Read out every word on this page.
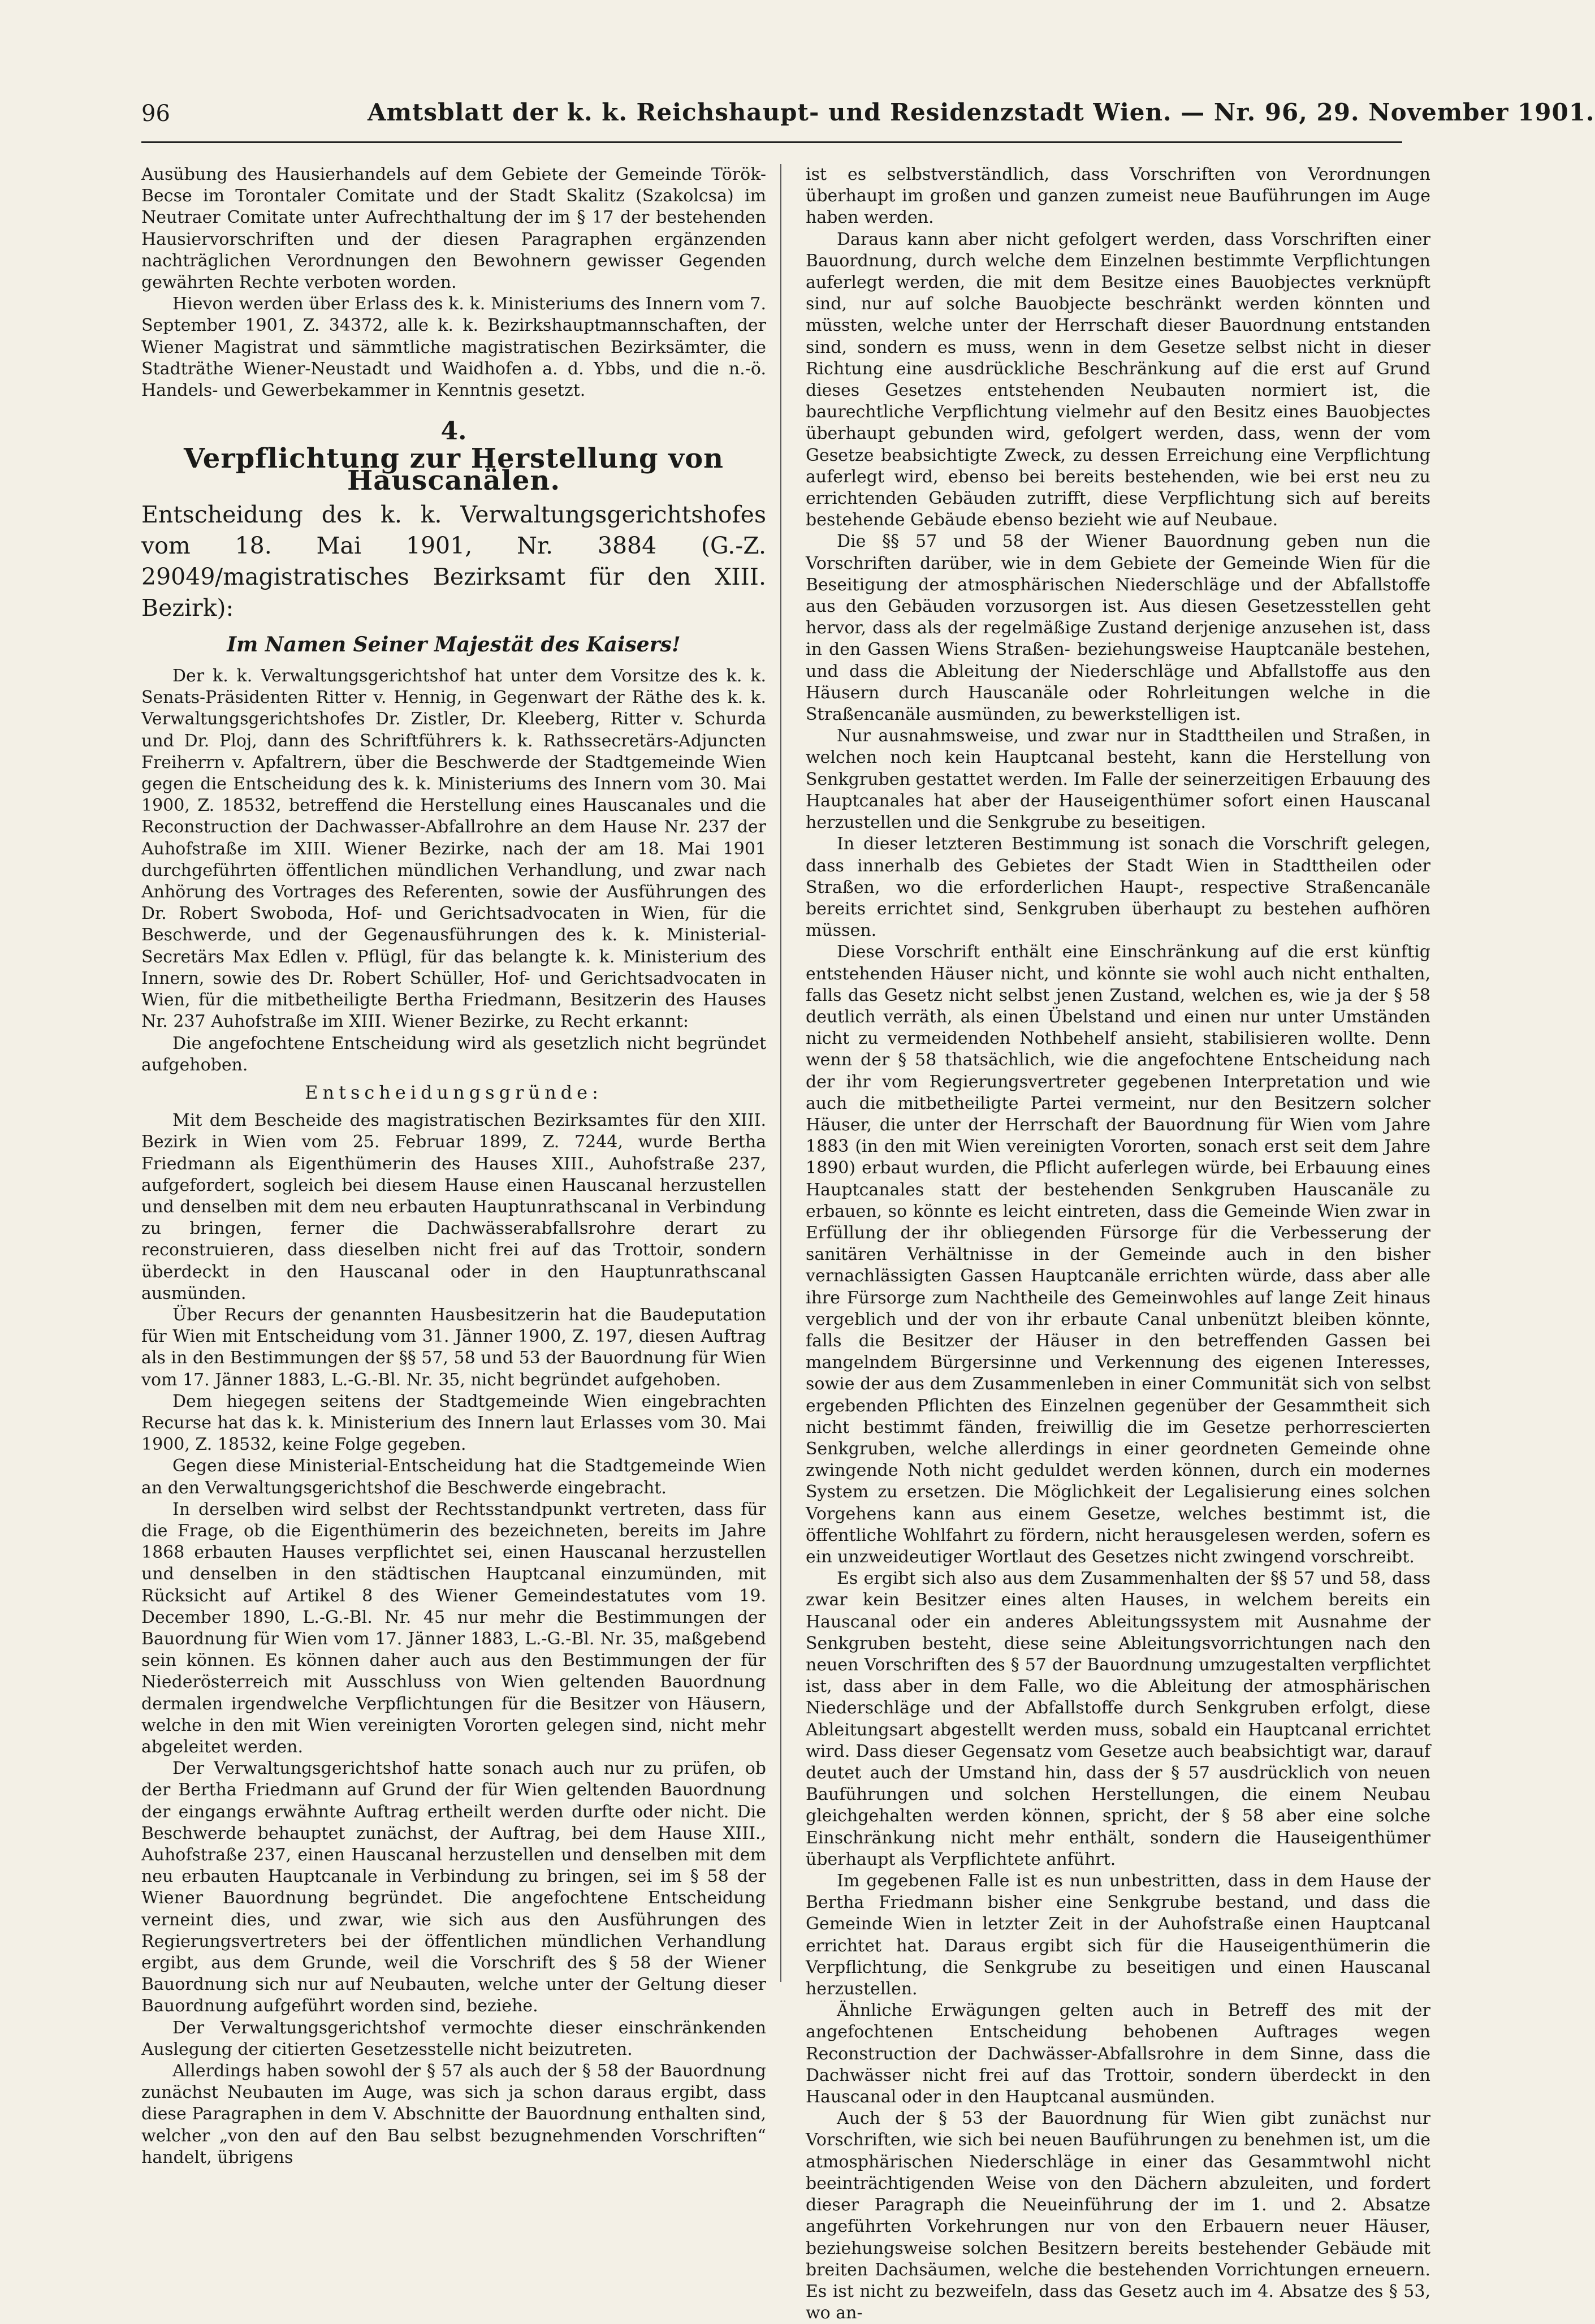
96	Amtsblatt der k. k. Reichshaupt- und Residenzstadt Wien. — Nr. 96, 29. November 1901.

Ausübung des Hausierhandels auf dem Gebiete der Gemeinde Török-Becse im Torontaler Comitate und der Stadt Skalitz (Szakolcsa) im Neutraer Comitate unter Aufrechthaltung der im § 17 der bestehenden Hausiervorschriften und der diesen Paragraphen ergänzenden nachträglichen Verordnungen den Bewohnern gewisser Gegenden gewährten Rechte verboten worden.

Hievon werden über Erlass des k. k. Ministeriums des Innern vom 7. September 1901, Z. 34372, alle k. k. Bezirkshauptmannschaften, der Wiener Magistrat und sämmtliche magistratischen Bezirksämter, die Stadträthe Wiener-Neustadt und Waidhofen a. d. Ybbs, und die n.-ö. Handels- und Gewerbekammer in Kenntnis gesetzt.

4.
Verpflichtung zur Herstellung von Hauscanälen.
Entscheidung des k. k. Verwaltungsgerichtshofes vom 18. Mai 1901, Nr. 3884 (G.-Z. 29049/magistratisches Bezirksamt für den XIII. Bezirk):
Im Namen Seiner Majestät des Kaisers!

Der k. k. Verwaltungsgerichtshof hat unter dem Vorsitze des k. k. Senats-Präsidenten Ritter v. Hennig, in Gegenwart der Räthe des k. k. Verwaltungsgerichtshofes Dr. Zistler, Dr. Kleeberg, Ritter v. Schurda und Dr. Ploj, dann des Schriftführers k. k. Rathssecretärs-Adjuncten Freiherrn v. Apfaltrern, über die Beschwerde der Stadtgemeinde Wien gegen die Entscheidung des k. k. Ministeriums des Innern vom 30. Mai 1900, Z. 18532, betreffend die Herstellung eines Hauscanales und die Reconstruction der Dachwasser-Abfallrohre an dem Hause Nr. 237 der Auhofstraße im XIII. Wiener Bezirke, nach der am 18. Mai 1901 durchgeführten öffentlichen mündlichen Verhandlung, und zwar nach Anhörung des Vortrages des Referenten, sowie der Ausführungen des Dr. Robert Swoboda, Hof- und Gerichtsadvocaten in Wien, für die Beschwerde, und der Gegenausführungen des k. k. Ministerial-Secretärs Max Edlen v. Pflügl, für das belangte k. k. Ministerium des Innern, sowie des Dr. Robert Schüller, Hof- und Gerichtsadvocaten in Wien, für die mitbetheiligte Bertha Friedmann, Besitzerin des Hauses Nr. 237 Auhofstraße im XIII. Wiener Bezirke, zu Recht erkannt:

Die angefochtene Entscheidung wird als gesetzlich nicht begründet aufgehoben.

Entscheidungsgründe:

Mit dem Bescheide des magistratischen Bezirksamtes für den XIII. Bezirk in Wien vom 25. Februar 1899, Z. 7244, wurde Bertha Friedmann als Eigenthümerin des Hauses XIII., Auhofstraße 237, aufgefordert, sogleich bei diesem Hause einen Hauscanal herzustellen und denselben mit dem neu erbauten Hauptunrathscanal in Verbindung zu bringen, ferner die Dachwässerabfallsrohre derart zu reconstruieren, dass dieselben nicht frei auf das Trottoir, sondern überdeckt in den Hauscanal oder in den Hauptunrathscanal ausmünden.

Über Recurs der genannten Hausbesitzerin hat die Baudeputation für Wien mit Entscheidung vom 31. Jänner 1900, Z. 197, diesen Auftrag als in den Bestimmungen der §§ 57, 58 und 53 der Bauordnung für Wien vom 17. Jänner 1883, L.-G.-Bl. Nr. 35, nicht begründet aufgehoben.

Dem hiegegen seitens der Stadtgemeinde Wien eingebrachten Recurse hat das k. k. Ministerium des Innern laut Erlasses vom 30. Mai 1900, Z. 18532, keine Folge gegeben.

Gegen diese Ministerial-Entscheidung hat die Stadtgemeinde Wien an den Verwaltungsgerichtshof die Beschwerde eingebracht.

In derselben wird selbst der Rechtsstandpunkt vertreten, dass für die Frage, ob die Eigenthümerin des bezeichneten, bereits im Jahre 1868 erbauten Hauses verpflichtet sei, einen Hauscanal herzustellen und denselben in den städtischen Hauptcanal einzumünden, mit Rücksicht auf Artikel 8 des Wiener Gemeindestatutes vom 19. December 1890, L.-G.-Bl. Nr. 45 nur mehr die Bestimmungen der Bauordnung für Wien vom 17. Jänner 1883, L.-G.-Bl. Nr. 35, maßgebend sein können. Es können daher auch aus den Bestimmungen der für Niederösterreich mit Ausschluss von Wien geltenden Bauordnung dermalen irgendwelche Verpflichtungen für die Besitzer von Häusern, welche in den mit Wien vereinigten Vororten gelegen sind, nicht mehr abgeleitet werden.

Der Verwaltungsgerichtshof hatte sonach auch nur zu prüfen, ob der Bertha Friedmann auf Grund der für Wien geltenden Bauordnung der eingangs erwähnte Auftrag ertheilt werden durfte oder nicht. Die Beschwerde behauptet zunächst, der Auftrag, bei dem Hause XIII., Auhofstraße 237, einen Hauscanal herzustellen und denselben mit dem neu erbauten Hauptcanale in Verbindung zu bringen, sei im § 58 der Wiener Bauordnung begründet. Die angefochtene Entscheidung verneint dies, und zwar, wie sich aus den Ausführungen des Regierungsvertreters bei der öffentlichen mündlichen Verhandlung ergibt, aus dem Grunde, weil die Vorschrift des § 58 der Wiener Bauordnung sich nur auf Neubauten, welche unter der Geltung dieser Bauordnung aufgeführt worden sind, beziehe.

Der Verwaltungsgerichtshof vermochte dieser einschränkenden Auslegung der citierten Gesetzesstelle nicht beizutreten.

Allerdings haben sowohl der § 57 als auch der § 58 der Bauordnung zunächst Neubauten im Auge, was sich ja schon daraus ergibt, dass diese Paragraphen in dem V. Abschnitte der Bauordnung enthalten sind, welcher „von den auf den Bau selbst bezugnehmenden Vorschriften“ handelt, übrigens

ist es selbstverständlich, dass Vorschriften von Verordnungen überhaupt im großen und ganzen zumeist neue Bauführungen im Auge haben werden.

Daraus kann aber nicht gefolgert werden, dass Vorschriften einer Bauordnung, durch welche dem Einzelnen bestimmte Verpflichtungen auferlegt werden, die mit dem Besitze eines Bauobjectes verknüpft sind, nur auf solche Bauobjecte beschränkt werden könnten und müssten, welche unter der Herrschaft dieser Bauordnung entstanden sind, sondern es muss, wenn in dem Gesetze selbst nicht in dieser Richtung eine ausdrückliche Beschränkung auf die erst auf Grund dieses Gesetzes entstehenden Neubauten normiert ist, die baurechtliche Verpflichtung vielmehr auf den Besitz eines Bauobjectes überhaupt gebunden wird, gefolgert werden, dass, wenn der vom Gesetze beabsichtigte Zweck, zu dessen Erreichung eine Verpflichtung auferlegt wird, ebenso bei bereits bestehenden, wie bei erst neu zu errichtenden Gebäuden zutrifft, diese Verpflichtung sich auf bereits bestehende Gebäude ebenso bezieht wie auf Neubaue.

Die §§ 57 und 58 der Wiener Bauordnung geben nun die Vorschriften darüber, wie in dem Gebiete der Gemeinde Wien für die Beseitigung der atmosphärischen Niederschläge und der Abfallstoffe aus den Gebäuden vorzusorgen ist. Aus diesen Gesetzesstellen geht hervor, dass als der regelmäßige Zustand derjenige anzusehen ist, dass in den Gassen Wiens Straßen- beziehungsweise Hauptcanäle bestehen, und dass die Ableitung der Niederschläge und Abfallstoffe aus den Häusern durch Hauscanäle oder Rohrleitungen welche in die Straßencanäle ausmünden, zu bewerkstelligen ist.

Nur ausnahmsweise, und zwar nur in Stadttheilen und Straßen, in welchen noch kein Hauptcanal besteht, kann die Herstellung von Senkgruben gestattet werden. Im Falle der seinerzeitigen Erbauung des Hauptcanales hat aber der Hauseigenthümer sofort einen Hauscanal herzustellen und die Senkgrube zu beseitigen.

In dieser letzteren Bestimmung ist sonach die Vorschrift gelegen, dass innerhalb des Gebietes der Stadt Wien in Stadttheilen oder Straßen, wo die erforderlichen Haupt-, respective Straßencanäle bereits errichtet sind, Senkgruben überhaupt zu bestehen aufhören müssen.

Diese Vorschrift enthält eine Einschränkung auf die erst künftig entstehenden Häuser nicht, und könnte sie wohl auch nicht enthalten, falls das Gesetz nicht selbst jenen Zustand, welchen es, wie ja der § 58 deutlich verräth, als einen Übelstand und einen nur unter Umständen nicht zu vermeidenden Nothbehelf ansieht, stabilisieren wollte. Denn wenn der § 58 thatsächlich, wie die angefochtene Entscheidung nach der ihr vom Regierungsvertreter gegebenen Interpretation und wie auch die mitbetheiligte Partei vermeint, nur den Besitzern solcher Häuser, die unter der Herrschaft der Bauordnung für Wien vom Jahre 1883 (in den mit Wien vereinigten Vororten, sonach erst seit dem Jahre 1890) erbaut wurden, die Pflicht auferlegen würde, bei Erbauung eines Hauptcanales statt der bestehenden Senkgruben Hauscanäle zu erbauen, so könnte es leicht eintreten, dass die Gemeinde Wien zwar in Erfüllung der ihr obliegenden Fürsorge für die Verbesserung der sanitären Verhältnisse in der Gemeinde auch in den bisher vernachlässigten Gassen Hauptcanäle errichten würde, dass aber alle ihre Fürsorge zum Nachtheile des Gemeinwohles auf lange Zeit hinaus vergeblich und der von ihr erbaute Canal unbenützt bleiben könnte, falls die Besitzer der Häuser in den betreffenden Gassen bei mangelndem Bürgersinne und Verkennung des eigenen Interesses, sowie der aus dem Zusammenleben in einer Communität sich von selbst ergebenden Pflichten des Einzelnen gegenüber der Gesammtheit sich nicht bestimmt fänden, freiwillig die im Gesetze perhorrescierten Senkgruben, welche allerdings in einer geordneten Gemeinde ohne zwingende Noth nicht geduldet werden können, durch ein modernes System zu ersetzen. Die Möglichkeit der Legalisierung eines solchen Vorgehens kann aus einem Gesetze, welches bestimmt ist, die öffentliche Wohlfahrt zu fördern, nicht herausgelesen werden, sofern es ein unzweideutiger Wortlaut des Gesetzes nicht zwingend vorschreibt.

Es ergibt sich also aus dem Zusammenhalten der §§ 57 und 58, dass zwar kein Besitzer eines alten Hauses, in welchem bereits ein Hauscanal oder ein anderes Ableitungssystem mit Ausnahme der Senkgruben besteht, diese seine Ableitungsvorrichtungen nach den neuen Vorschriften des § 57 der Bauordnung umzugestalten verpflichtet ist, dass aber in dem Falle, wo die Ableitung der atmosphärischen Niederschläge und der Abfallstoffe durch Senkgruben erfolgt, diese Ableitungsart abgestellt werden muss, sobald ein Hauptcanal errichtet wird. Dass dieser Gegensatz vom Gesetze auch beabsichtigt war, darauf deutet auch der Umstand hin, dass der § 57 ausdrücklich von neuen Bauführungen und solchen Herstellungen, die einem Neubau gleichgehalten werden können, spricht, der § 58 aber eine solche Einschränkung nicht mehr enthält, sondern die Hauseigenthümer überhaupt als Verpflichtete anführt.

Im gegebenen Falle ist es nun unbestritten, dass in dem Hause der Bertha Friedmann bisher eine Senkgrube bestand, und dass die Gemeinde Wien in letzter Zeit in der Auhofstraße einen Hauptcanal errichtet hat. Daraus ergibt sich für die Hauseigenthümerin die Verpflichtung, die Senkgrube zu beseitigen und einen Hauscanal herzustellen.

Ähnliche Erwägungen gelten auch in Betreff des mit der angefochtenen Entscheidung behobenen Auftrages wegen Reconstruction der Dachwässer-Abfallsrohre in dem Sinne, dass die Dachwässer nicht frei auf das Trottoir, sondern überdeckt in den Hauscanal oder in den Hauptcanal ausmünden.

Auch der § 53 der Bauordnung für Wien gibt zunächst nur Vorschriften, wie sich bei neuen Bauführungen zu benehmen ist, um die atmosphärischen Niederschläge in einer das Gesammtwohl nicht beeinträchtigenden Weise von den Dächern abzuleiten, und fordert dieser Paragraph die Neueinführung der im 1. und 2. Absatze angeführten Vorkehrungen nur von den Erbauern neuer Häuser, beziehungsweise solchen Besitzern bereits bestehender Gebäude mit breiten Dachsäumen, welche die bestehenden Vorrichtungen erneuern. Es ist nicht zu bezweifeln, dass das Gesetz auch im 4. Absatze des § 53, wo an-
